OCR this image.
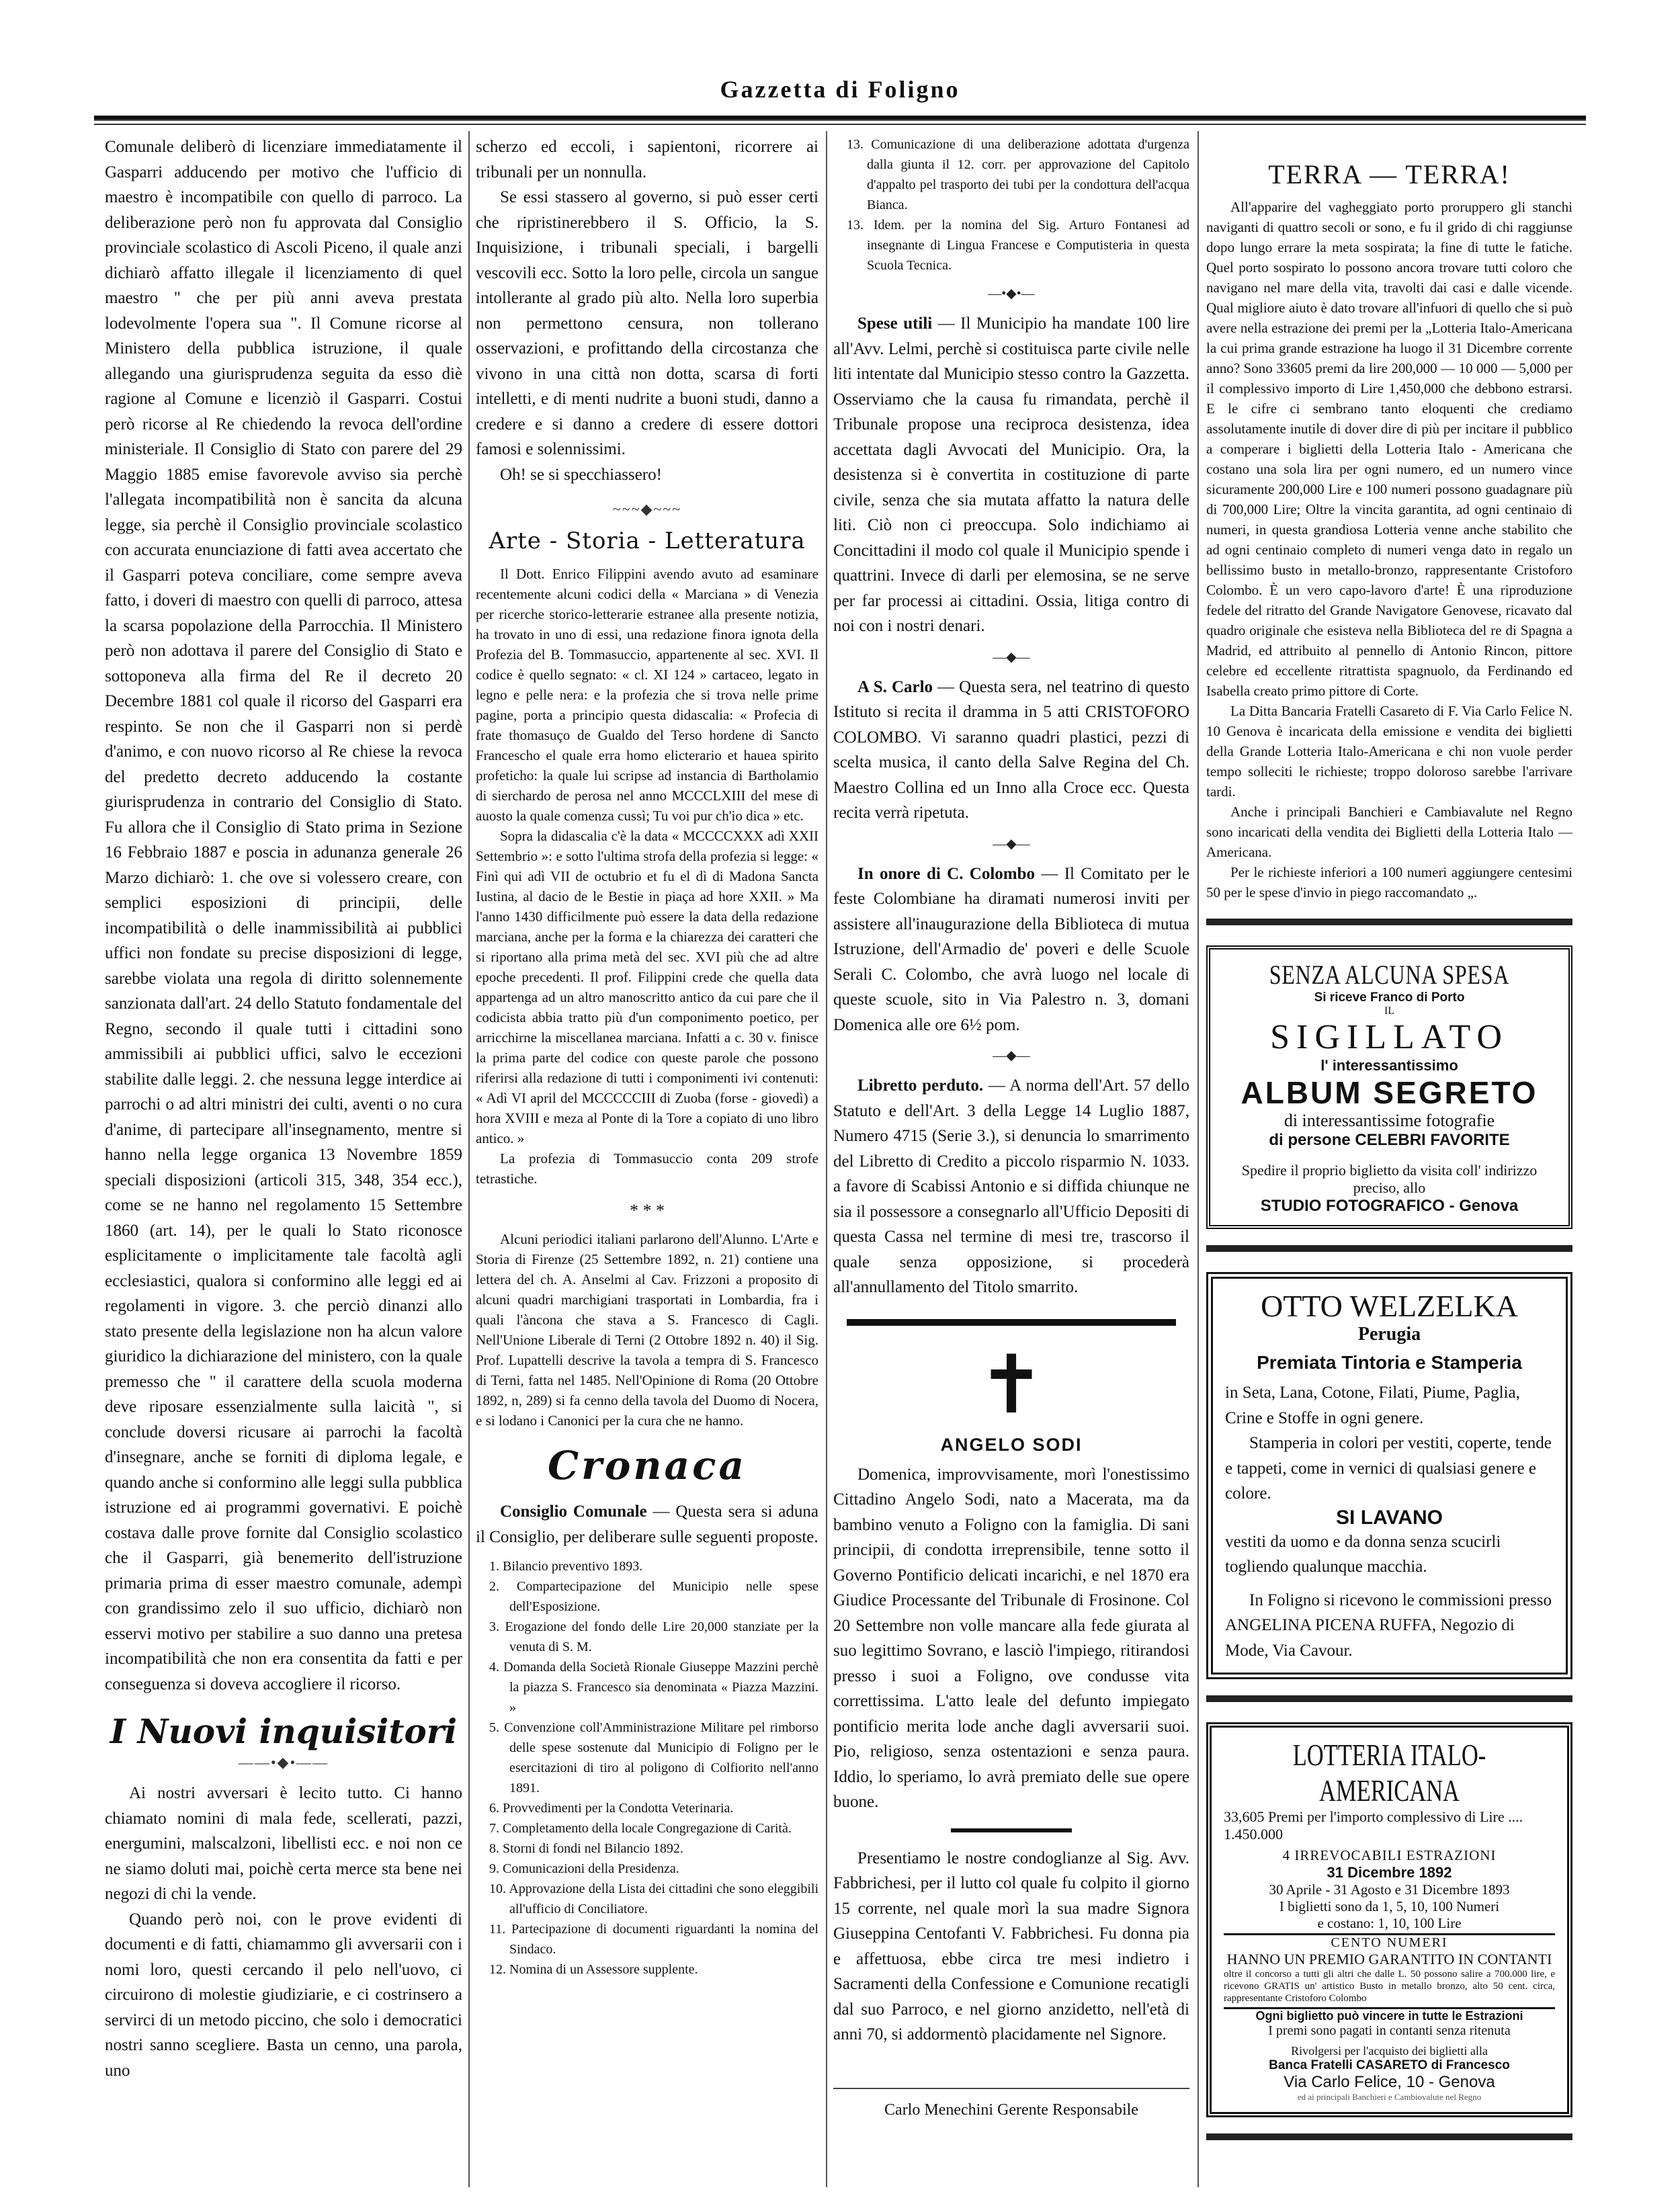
Gazzetta di Foligno

Comunale deliberò di licenziare immediatamente il Gasparri adducendo per motivo che l'ufficio di maestro è incompatibile con quello di parroco. La deliberazione però non fu approvata dal Consiglio provinciale scolastico di Ascoli Piceno, il quale anzi dichiarò affatto illegale il licenziamento di quel maestro " che per più anni aveva prestata lodevolmente l'opera sua ". Il Comune ricorse al Ministero della pubblica istruzione, il quale allegando una giurisprudenza seguita da esso diè ragione al Comune e licenziò il Gasparri. Costui però ricorse al Re chiedendo la revoca dell'ordine ministeriale. Il Consiglio di Stato con parere del 29 Maggio 1885 emise favorevole avviso sia perchè l'allegata incompatibilità non è sancita da alcuna legge, sia perchè il Consiglio provinciale scolastico con accurata enunciazione di fatti avea accertato che il Gasparri poteva conciliare, come sempre aveva fatto, i doveri di maestro con quelli di parroco, attesa la scarsa popolazione della Parrocchia. Il Ministero però non adottava il parere del Consiglio di Stato e sottoponeva alla firma del Re il decreto 20 Decembre 1881 col quale il ricorso del Gasparri era respinto. Se non che il Gasparri non si perdè d'animo, e con nuovo ricorso al Re chiese la revoca del predetto decreto adducendo la costante giurisprudenza in contrario del Consiglio di Stato. Fu allora che il Consiglio di Stato prima in Sezione 16 Febbraio 1887 e poscia in adunanza generale 26 Marzo dichiarò: 1. che ove si volessero creare, con semplici esposizioni di principii, delle incompatibilità o delle inammissibilità ai pubblici uffici non fondate su precise disposizioni di legge, sarebbe violata una regola di diritto solennemente sanzionata dall'art. 24 dello Statuto fondamentale del Regno, secondo il quale tutti i cittadini sono ammissibili ai pubblici uffici, salvo le eccezioni stabilite dalle leggi. 2. che nessuna legge interdice ai parrochi o ad altri ministri dei culti, aventi o no cura d'anime, di partecipare all'insegnamento, mentre si hanno nella legge organica 13 Novembre 1859 speciali disposizioni (articoli 315, 348, 354 ecc.), come se ne hanno nel regolamento 15 Settembre 1860 (art. 14), per le quali lo Stato riconosce esplicitamente o implicitamente tale facoltà agli ecclesiastici, qualora si conformino alle leggi ed ai regolamenti in vigore. 3. che perciò dinanzi allo stato presente della legislazione non ha alcun valore giuridico la dichiarazione del ministero, con la quale premesso che " il carattere della scuola moderna deve riposare essenzialmente sulla laicità ", si conclude doversi ricusare ai parrochi la facoltà d'insegnare, anche se forniti di diploma legale, e quando anche si conformino alle leggi sulla pubblica istruzione ed ai programmi governativi. E poichè costava dalle prove fornite dal Consiglio scolastico che il Gasparri, già benemerito dell'istruzione primaria prima di esser maestro comunale, adempì con grandissimo zelo il suo ufficio, dichiarò non esservi motivo per stabilire a suo danno una pretesa incompatibilità che non era consentita da fatti e per conseguenza si doveva accogliere il ricorso.

I Nuovi inquisitori
——•◆•——

Ai nostri avversari è lecito tutto. Ci hanno chiamato nomini di mala fede, scellerati, pazzi, energumini, malscalzoni, libellisti ecc. e noi non ce ne siamo doluti mai, poichè certa merce sta bene nei negozi di chi la vende.

Quando però noi, con le prove evidenti di documenti e di fatti, chiamammo gli avversarii con i nomi loro, questi cercando il pelo nell'uovo, ci circuirono di molestie giudiziarie, e ci costrinsero a servirci di un metodo piccino, che solo i democratici nostri sanno scegliere. Basta un cenno, una parola, uno

scherzo ed eccoli, i sapientoni, ricorrere ai tribunali per un nonnulla.

Se essi stassero al governo, si può esser certi che ripristinerebbero il S. Officio, la S. Inquisizione, i tribunali speciali, i bargelli vescovili ecc. Sotto la loro pelle, circola un sangue intollerante al grado più alto. Nella loro superbia non permettono censura, non tollerano osservazioni, e profittando della circostanza che vivono in una città non dotta, scarsa di forti intelletti, e di menti nudrite a buoni studi, danno a credere e si danno a credere di essere dottori famosi e solennissimi.

Oh! se si specchiassero!

~~~◆~~~
Arte - Storia - Letteratura

Il Dott. Enrico Filippini avendo avuto ad esaminare recentemente alcuni codici della « Marciana » di Venezia per ricerche storico-letterarie estranee alla presente notizia, ha trovato in uno di essi, una redazione finora ignota della Profezia del B. Tommasuccio, appartenente al sec. XVI. Il codice è quello segnato: « cl. XI 124 » cartaceo, legato in legno e pelle nera: e la profezia che si trova nelle prime pagine, porta a principio questa didascalia: « Profecia di frate thomasuço de Gualdo del Terso hordene di Sancto Francescho el quale erra homo elicterario et hauea spirito profeticho: la quale lui scripse ad instancia di Bartholamio di sierchardo de perosa nel anno MCCCLXIII del mese di auosto la quale comenza cussì; Tu voi pur ch'io dica » etc.

Sopra la didascalia c'è la data « MCCCCXXX adì XXII Settembrio »: e sotto l'ultima strofa della profezia si legge: « Finì qui adì VII de octubrio et fu el dì di Madona Sancta Iustina, al dacio de le Bestie in piaça ad hore XXII. » Ma l'anno 1430 difficilmente può essere la data della redazione marciana, anche per la forma e la chiarezza dei caratteri che si riportano alla prima metà del sec. XVI più che ad altre epoche precedenti. Il prof. Filippini crede che quella data appartenga ad un altro manoscritto antico da cui pare che il codicista abbia tratto più d'un componimento poetico, per arricchirne la miscellanea marciana. Infatti a c. 30 v. finisce la prima parte del codice con queste parole che possono riferirsi alla redazione di tutti i componimenti ivi contenuti: « Adì VI april del MCCCCCIII di Zuoba (forse - giovedì) a hora XVIII e meza al Ponte di la Tore a copiato di uno libro antico. »

La profezia di Tommasuccio conta 209 strofe tetrastiche.

* * *

Alcuni periodici italiani parlarono dell'Alunno. L'Arte e Storia di Firenze (25 Settembre 1892, n. 21) contiene una lettera del ch. A. Anselmi al Cav. Frizzoni a proposito di alcuni quadri marchigiani trasportati in Lombardia, fra i quali l'àncona che stava a S. Francesco di Cagli. Nell'Unione Liberale di Terni (2 Ottobre 1892 n. 40) il Sig. Prof. Lupattelli descrive la tavola a tempra di S. Francesco di Terni, fatta nel 1485. Nell'Opinione di Roma (20 Ottobre 1892, n, 289) si fa cenno della tavola del Duomo di Nocera, e si lodano i Canonici per la cura che ne hanno.

Cronaca

Consiglio Comunale — Questa sera si aduna il Consiglio, per deliberare sulle seguenti proposte.

1. Bilancio preventivo 1893.
2. Compartecipazione del Municipio nelle spese dell'Esposizione.
3. Erogazione del fondo delle Lire 20,000 stanziate per la venuta di S. M.
4. Domanda della Società Rionale Giuseppe Mazzini perchè la piazza S. Francesco sia denominata « Piazza Mazzini. »
5. Convenzione coll'Amministrazione Militare pel rimborso delle spese sostenute dal Municipio di Foligno per le esercitazioni di tiro al poligono di Colfiorito nell'anno 1891.
6. Provvedimenti per la Condotta Veterinaria.
7. Completamento della locale Congregazione di Carità.
8. Storni di fondi nel Bilancio 1892.
9. Comunicazioni della Presidenza.
10. Approvazione della Lista dei cittadini che sono eleggibili all'ufficio di Conciliatore.
11. Partecipazione di documenti riguardanti la nomina del Sindaco.
12. Nomina di un Assessore supplente.
13. Comunicazione di una deliberazione adottata d'urgenza dalla giunta il 12. corr. per approvazione del Capitolo d'appalto pel trasporto dei tubi per la condottura dell'acqua Bianca.
13. Idem. per la nomina del Sig. Arturo Fontanesi ad insegnante di Lingua Francese e Computisteria in questa Scuola Tecnica.
—•◆•—

Spese utili — Il Municipio ha mandate 100 lire all'Avv. Lelmi, perchè si costituisca parte civile nelle liti intentate dal Municipio stesso contro la Gazzetta. Osserviamo che la causa fu rimandata, perchè il Tribunale propose una reciproca desistenza, idea accettata dagli Avvocati del Municipio. Ora, la desistenza si è convertita in costituzione di parte civile, senza che sia mutata affatto la natura delle liti. Ciò non ci preoccupa. Solo indichiamo ai Concittadini il modo col quale il Municipio spende i quattrini. Invece di darli per elemosina, se ne serve per far processi ai cittadini. Ossia, litiga contro di noi con i nostri denari.

—◆—

A S. Carlo — Questa sera, nel teatrino di questo Istituto si recita il dramma in 5 atti CRISTOFORO COLOMBO. Vi saranno quadri plastici, pezzi di scelta musica, il canto della Salve Regina del Ch. Maestro Collina ed un Inno alla Croce ecc. Questa recita verrà ripetuta.

—◆—

In onore di C. Colombo — Il Comitato per le feste Colombiane ha diramati numerosi inviti per assistere all'inaugurazione della Biblioteca di mutua Istruzione, dell'Armadio de' poveri e delle Scuole Serali C. Colombo, che avrà luogo nel locale di queste scuole, sito in Via Palestro n. 3, domani Domenica alle ore 6½ pom.

—◆—

Libretto perduto. — A norma dell'Art. 57 dello Statuto e dell'Art. 3 della Legge 14 Luglio 1887, Numero 4715 (Serie 3.), si denuncia lo smarrimento del Libretto di Credito a piccolo risparmio N. 1033. a favore di Scabissi Antonio e si diffida chiunque ne sia il possessore a consegnarlo all'Ufficio Depositi di questa Cassa nel termine di mesi tre, trascorso il quale senza opposizione, si procederà all'annullamento del Titolo smarrito.

✝
ANGELO SODI

Domenica, improvvisamente, morì l'onestissimo Cittadino Angelo Sodi, nato a Macerata, ma da bambino venuto a Foligno con la famiglia. Di sani principii, di condotta irreprensibile, tenne sotto il Governo Pontificio delicati incarichi, e nel 1870 era Giudice Processante del Tribunale di Frosinone. Col 20 Settembre non volle mancare alla fede giurata al suo legittimo Sovrano, e lasciò l'impiego, ritirandosi presso i suoi a Foligno, ove condusse vita correttissima. L'atto leale del defunto impiegato pontificio merita lode anche dagli avversarii suoi. Pio, religioso, senza ostentazioni e senza paura. Iddio, lo speriamo, lo avrà premiato delle sue opere buone.

Presentiamo le nostre condoglianze al Sig. Avv. Fabbrichesi, per il lutto col quale fu colpito il giorno 15 corrente, nel quale morì la sua madre Signora Giuseppina Centofanti V. Fabbrichesi. Fu donna pia e affettuosa, ebbe circa tre mesi indietro i Sacramenti della Confessione e Comunione recatigli dal suo Parroco, e nel giorno anzidetto, nell'età di anni 70, si addormentò placidamente nel Signore.

Carlo Menechini Gerente Responsabile
TERRA — TERRA!

All'apparire del vagheggiato porto proruppero gli stanchi naviganti di quattro secoli or sono, e fu il grido di chi raggiunse dopo lungo errare la meta sospirata; la fine di tutte le fatiche. Quel porto sospirato lo possono ancora trovare tutti coloro che navigano nel mare della vita, travolti dai casi e dalle vicende. Qual migliore aiuto è dato trovare all'infuori di quello che si può avere nella estrazione dei premi per la „Lotteria Italo-Americana la cui prima grande estrazione ha luogo il 31 Dicembre corrente anno? Sono 33605 premi da lire 200,000 — 10 000 — 5,000 per il complessivo importo di Lire 1,450,000 che debbono estrarsi. E le cifre ci sembrano tanto eloquenti che crediamo assolutamente inutile di dover dire di più per incitare il pubblico a comperare i biglietti della Lotteria Italo - Americana che costano una sola lira per ogni numero, ed un numero vince sicuramente 200,000 Lire e 100 numeri possono guadagnare più di 700,000 Lire; Oltre la vincita garantita, ad ogni centinaio di numeri, in questa grandiosa Lotteria venne anche stabilito che ad ogni centinaio completo di numeri venga dato in regalo un bellissimo busto in metallo-bronzo, rappresentante Cristoforo Colombo. È un vero capo-lavoro d'arte! È una riproduzione fedele del ritratto del Grande Navigatore Genovese, ricavato dal quadro originale che esisteva nella Biblioteca del re di Spagna a Madrid, ed attribuito al pennello di Antonio Rincon, pittore celebre ed eccellente ritrattista spagnuolo, da Ferdinando ed Isabella creato primo pittore di Corte.

La Ditta Bancaria Fratelli Casareto di F. Via Carlo Felice N. 10 Genova è incaricata della emissione e vendita dei biglietti della Grande Lotteria Italo-Americana e chi non vuole perder tempo solleciti le richieste; troppo doloroso sarebbe l'arrivare tardi.

Anche i principali Banchieri e Cambiavalute nel Regno sono incaricati della vendita dei Biglietti della Lotteria Italo — Americana.

Per le richieste inferiori a 100 numeri aggiungere centesimi 50 per le spese d'invio in piego raccomandato „.

SENZA ALCUNA SPESA
Si riceve Franco di Porto
IL
SIGILLATO
l' interessantissimo
ALBUM SEGRETO
di interessantissime fotografie
di persone CELEBRI FAVORITE
Spedire il proprio biglietto da visita coll' indirizzo preciso, allo
STUDIO FOTOGRAFICO - Genova
OTTO WELZELKA
Perugia
Premiata Tintoria e Stamperia

in Seta, Lana, Cotone, Filati, Piume, Paglia, Crine e Stoffe in ogni genere.

Stamperia in colori per vestiti, coperte, tende e tappeti, come in vernici di qualsiasi genere e colore.

SI LAVANO

vestiti da uomo e da donna senza scucirli togliendo qualunque macchia.

In Foligno si ricevono le commissioni presso ANGELINA PICENA RUFFA, Negozio di Mode, Via Cavour.

LOTTERIA ITALO-AMERICANA
33,605 Premi per l'importo complessivo di Lire .... 1.450.000
4 IRREVOCABILI ESTRAZIONI
31 Dicembre 1892
30 Aprile - 31 Agosto e 31 Dicembre 1893
I biglietti sono da 1, 5, 10, 100 Numeri
e costano: 1, 10, 100 Lire
CENTO NUMERI
HANNO UN PREMIO GARANTITO IN CONTANTI
oltre il concorso a tutti gli altri che dalle L. 50 possono salire a 700.000 lire, e ricevono GRATIS un' artistico Busto in metallo bronzo, alto 50 cent. circa, rappresentante Cristoforo Colombo
Ogni biglietto può vincere in tutte le Estrazioni
I premi sono pagati in contanti senza ritenuta
Rivolgersi per l'acquisto dei biglietti alla
Banca Fratelli CASARETO di Francesco
Via Carlo Felice, 10 - Genova
ed ai principali Banchieri e Cambiovalute nel Regno
